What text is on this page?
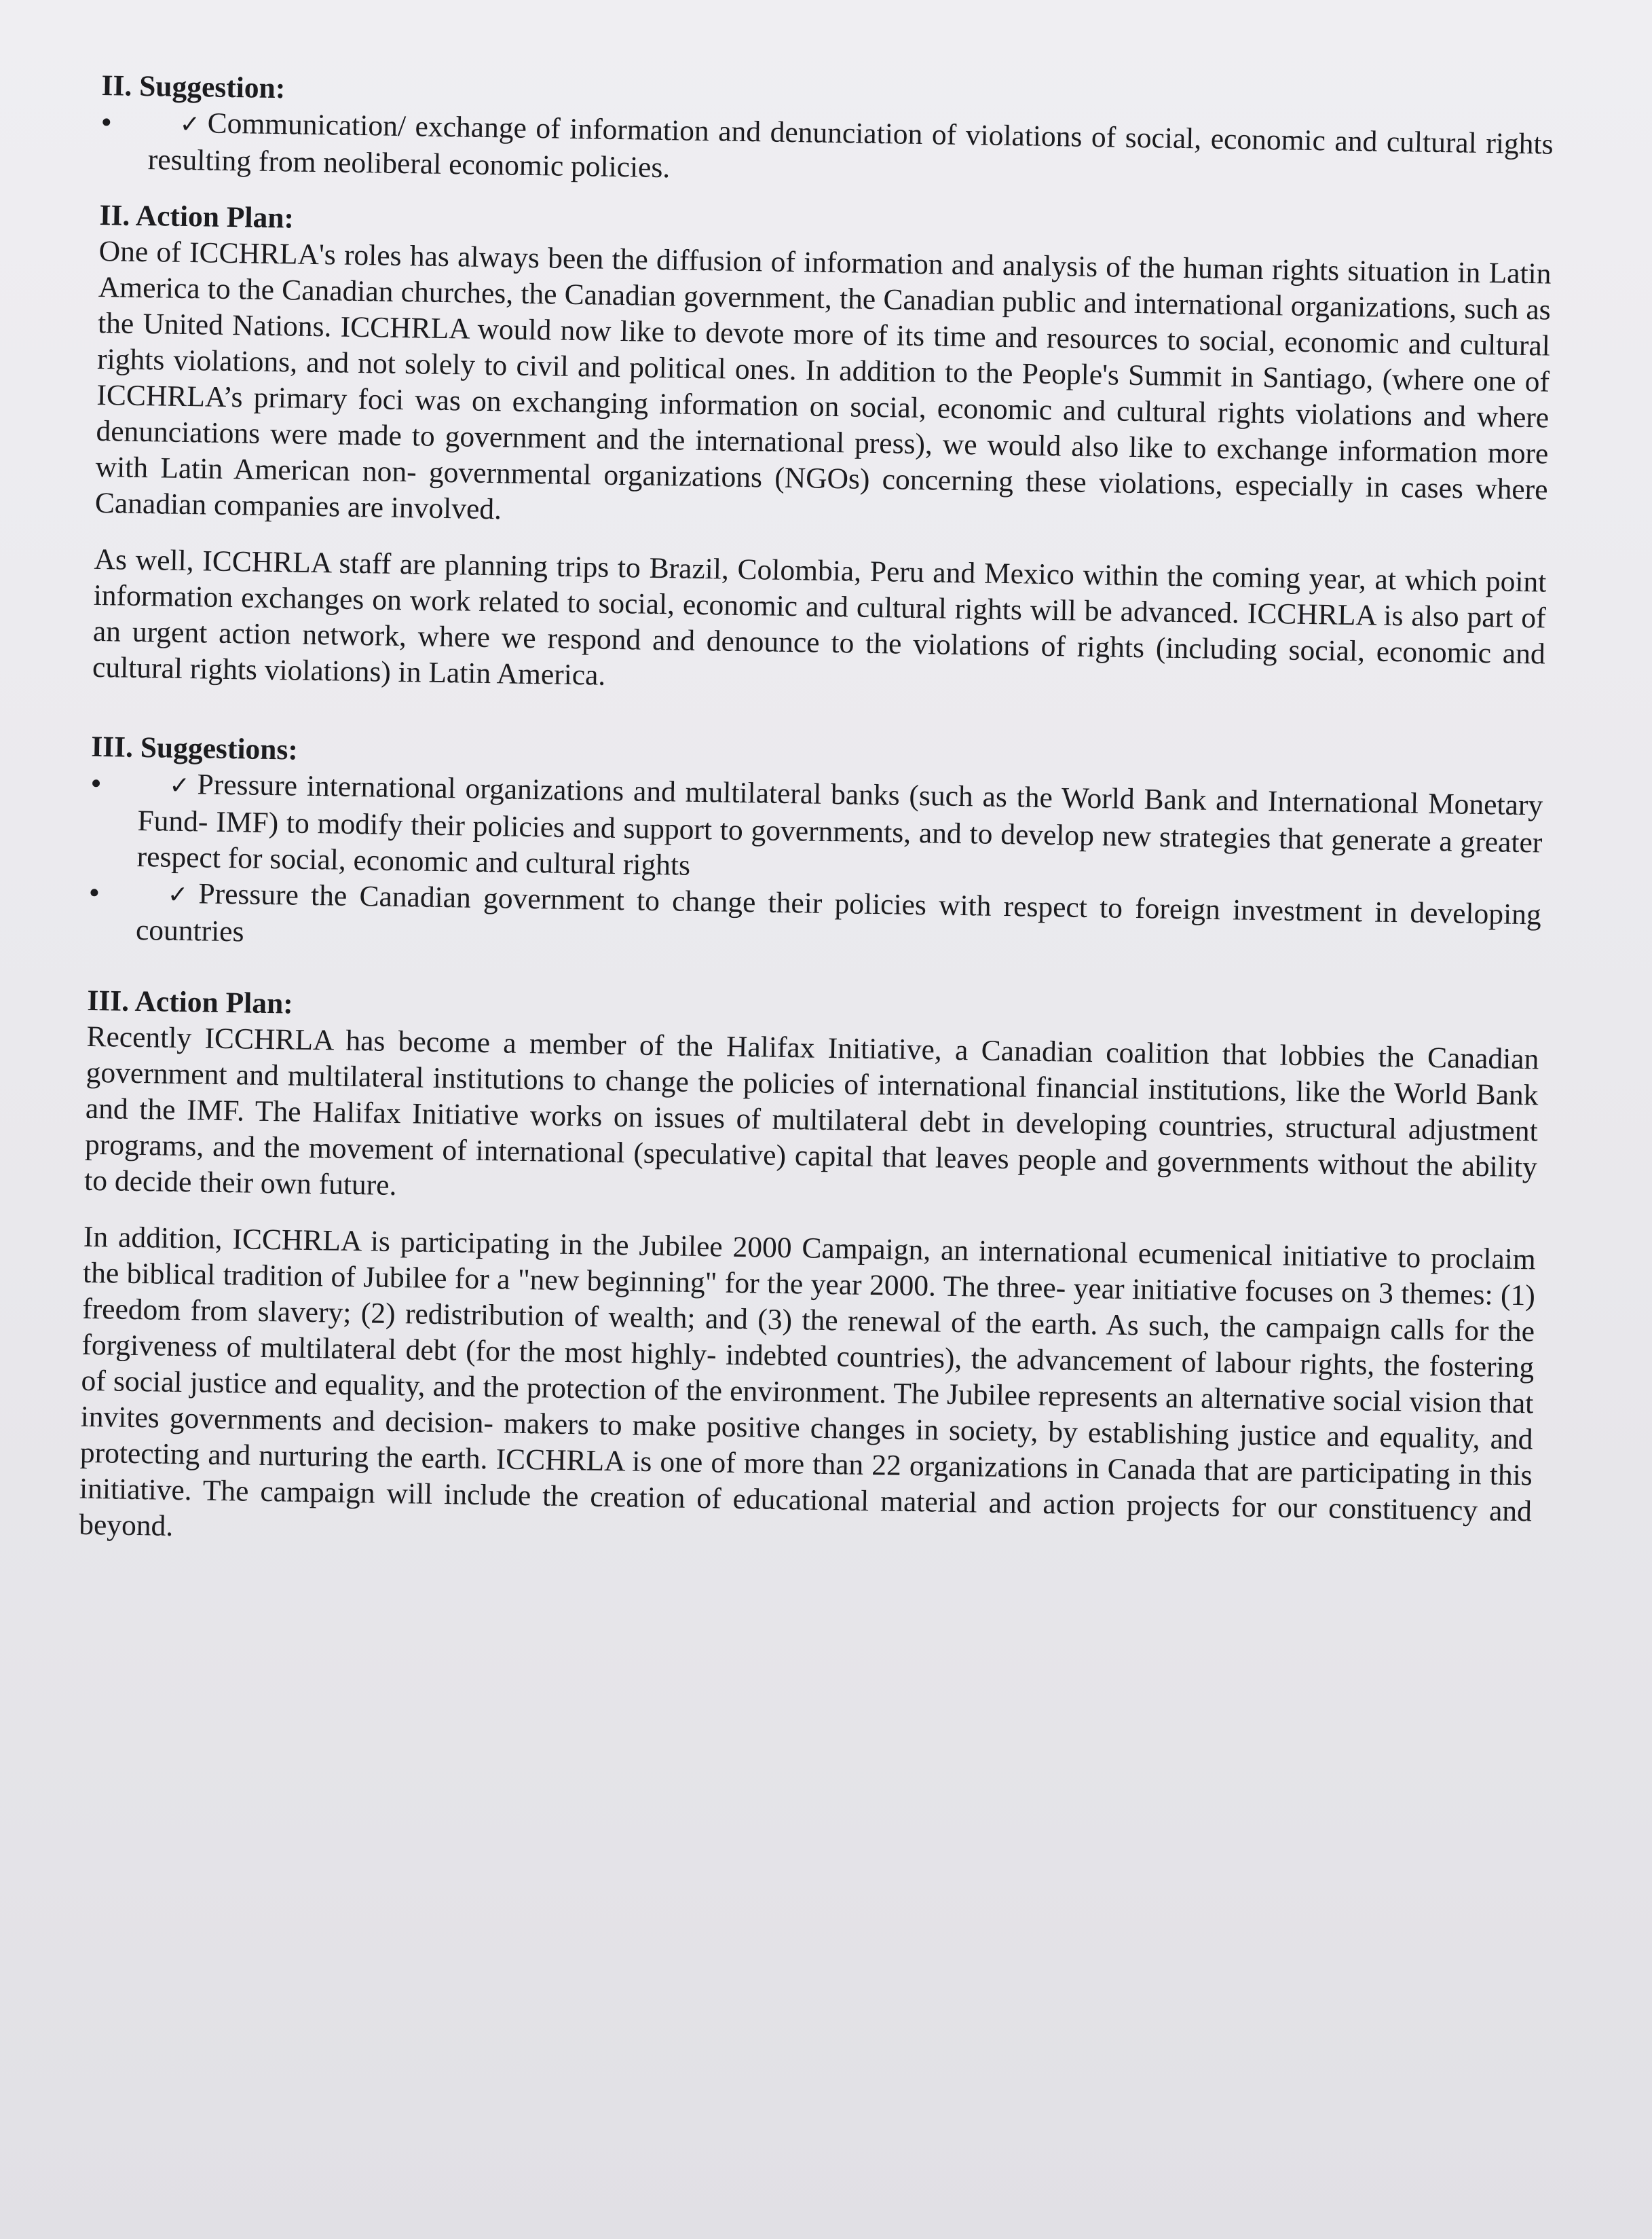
II. Suggestion:

•	✓ Communication/ exchange of information and denunciation of violations of social, economic and cultural rights resulting from neoliberal economic policies.

II. Action Plan:

One of ICCHRLA's roles has always been the diffusion of information and analysis of the human rights situation in Latin America to the Canadian churches, the Canadian government, the Canadian public and international organizations, such as the United Nations. ICCHRLA would now like to devote more of its time and resources to social, economic and cultural rights violations, and not solely to civil and political ones. In addition to the People's Summit in Santiago, (where one of ICCHRLA’s primary foci was on exchanging information on social, economic and cultural rights violations and where denunciations were made to government and the international press), we would also like to exchange information more with Latin American non- governmental organizations (NGOs) concerning these violations, especially in cases where Canadian companies are involved.

As well, ICCHRLA staff are planning trips to Brazil, Colombia, Peru and Mexico within the coming year, at which point information exchanges on work related to social, economic and cultural rights will be advanced. ICCHRLA is also part of an urgent action network, where we respond and denounce to the violations of rights (including social, economic and cultural rights violations) in Latin America.

III. Suggestions:

•	✓ Pressure international organizations and multilateral banks (such as the World Bank and International Monetary Fund- IMF) to modify their policies and support to governments, and to develop new strategies that generate a greater respect for social, economic and cultural rights
•	✓ Pressure the Canadian government to change their policies with respect to foreign investment in developing countries

III. Action Plan:

Recently ICCHRLA has become a member of the Halifax Initiative, a Canadian coalition that lobbies the Canadian government and multilateral institutions to change the policies of international financial institutions, like the World Bank and the IMF. The Halifax Initiative works on issues of multilateral debt in developing countries, structural adjustment programs, and the movement of international (speculative) capital that leaves people and governments without the ability to decide their own future.

In addition, ICCHRLA is participating in the Jubilee 2000 Campaign, an international ecumenical initiative to proclaim the biblical tradition of Jubilee for a "new beginning" for the year 2000. The three- year initiative focuses on 3 themes: (1) freedom from slavery; (2) redistribution of wealth; and (3) the renewal of the earth. As such, the campaign calls for the forgiveness of multilateral debt (for the most highly- indebted countries), the advancement of labour rights, the fostering of social justice and equality, and the protection of the environment. The Jubilee represents an alternative social vision that invites governments and decision- makers to make positive changes in society, by establishing justice and equality, and protecting and nurturing the earth. ICCHRLA is one of more than 22 organizations in Canada that are participating in this initiative. The campaign will include the creation of educational material and action projects for our constituency and beyond.
